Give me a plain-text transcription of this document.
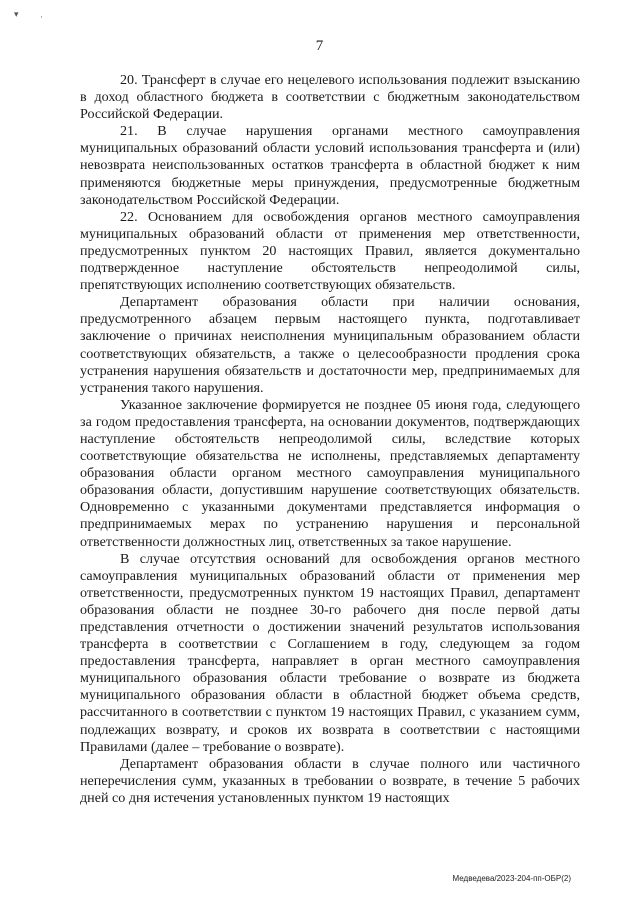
▾ ·
7

20. Трансферт в случае его нецелевого использования подлежит взысканию в доход областного бюджета в соответствии с бюджетным законодательством Российской Федерации.

21. В случае нарушения органами местного самоуправления муниципальных образований области условий использования трансферта и (или) невозврата неиспользованных остатков трансферта в областной бюджет к ним применяются бюджетные меры принуждения, предусмотренные бюджетным законодательством Российской Федерации.

22. Основанием для освобождения органов местного самоуправления муниципальных образований области от применения мер ответственности, предусмотренных пунктом 20 настоящих Правил, является документально подтвержденное наступление обстоятельств непреодолимой силы, препятствующих исполнению соответствующих обязательств.

Департамент образования области при наличии основания, предусмотренного абзацем первым настоящего пункта, подготавливает заключение о причинах неисполнения муниципальным образованием области соответствующих обязательств, а также о целесообразности продления срока устранения нарушения обязательств и достаточности мер, предпринимаемых для устранения такого нарушения.

Указанное заключение формируется не позднее 05 июня года, следующего за годом предоставления трансферта, на основании документов, подтверждающих наступление обстоятельств непреодолимой силы, вследствие которых соответствующие обязательства не исполнены, представляемых департаменту образования области органом местного самоуправления муниципального образования области, допустившим нарушение соответствующих обязательств. Одновременно с указанными документами представляется информация о предпринимаемых мерах по устранению нарушения и персональной ответственности должностных лиц, ответственных за такое нарушение.

В случае отсутствия оснований для освобождения органов местного самоуправления муниципальных образований области от применения мер ответственности, предусмотренных пунктом 19 настоящих Правил, департамент образования области не позднее 30-го рабочего дня после первой даты представления отчетности о достижении значений результатов использования трансферта в соответствии с Соглашением в году, следующем за годом предоставления трансферта, направляет в орган местного самоуправления муниципального образования области требование о возврате из бюджета муниципального образования области в областной бюджет объема средств, рассчитанного в соответствии с пунктом 19 настоящих Правил, с указанием сумм, подлежащих возврату, и сроков их возврата в соответствии с настоящими Правилами (далее – требование о возврате).

Департамент образования области в случае полного или частичного неперечисления сумм, указанных в требовании о возврате, в течение 5 рабочих дней со дня истечения установленных пунктом 19 настоящих

Медведева/2023-204-пп-ОБР(2)
